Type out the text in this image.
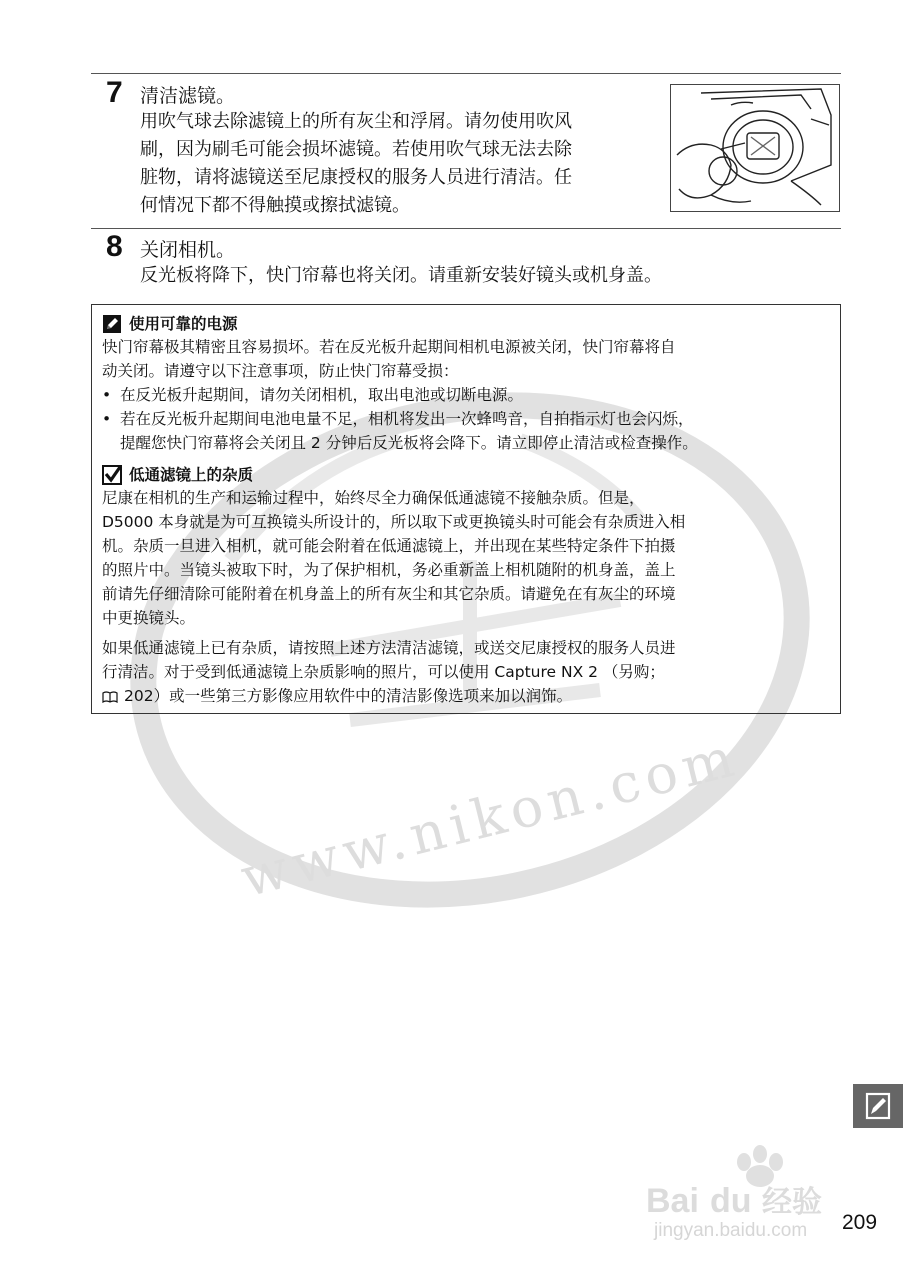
www.nikon.com
7 清洁滤镜。
用吹气球去除滤镜上的所有灰尘和浮屑。请勿使用吹风
刷，因为刷毛可能会损坏滤镜。若使用吹气球无法去除
脏物，请将滤镜送至尼康授权的服务人员进行清洁。任
何情况下都不得触摸或擦拭滤镜。
8 关闭相机。
反光板将降下，快门帘幕也将关闭。请重新安装好镜头或机身盖。
使用可靠的电源
快门帘幕极其精密且容易损坏。若在反光板升起期间相机电源被关闭，快门帘幕将自
动关闭。请遵守以下注意事项，防止快门帘幕受损：
• 在反光板升起期间，请勿关闭相机，取出电池或切断电源。
• 若在反光板升起期间电池电量不足，相机将发出一次蜂鸣音，自拍指示灯也会闪烁，
提醒您快门帘幕将会关闭且 2 分钟后反光板将会降下。请立即停止清洁或检查操作。
低通滤镜上的杂质
尼康在相机的生产和运输过程中，始终尽全力确保低通滤镜不接触杂质。但是，
D5000 本身就是为可互换镜头所设计的，所以取下或更换镜头时可能会有杂质进入相
机。杂质一旦进入相机，就可能会附着在低通滤镜上，并出现在某些特定条件下拍摄
的照片中。当镜头被取下时，为了保护相机，务必重新盖上相机随附的机身盖，盖上
前请先仔细清除可能附着在机身盖上的所有灰尘和其它杂质。请避免在有灰尘的环境
中更换镜头。
如果低通滤镜上已有杂质，请按照上述方法清洁滤镜，或送交尼康授权的服务人员进
行清洁。对于受到低通滤镜上杂质影响的照片，可以使用 Capture NX 2 （另购；
202）或一些第三方影像应用软件中的清洁影像选项来加以润饰。
Bai du 经验
jingyan.baidu.com 209
